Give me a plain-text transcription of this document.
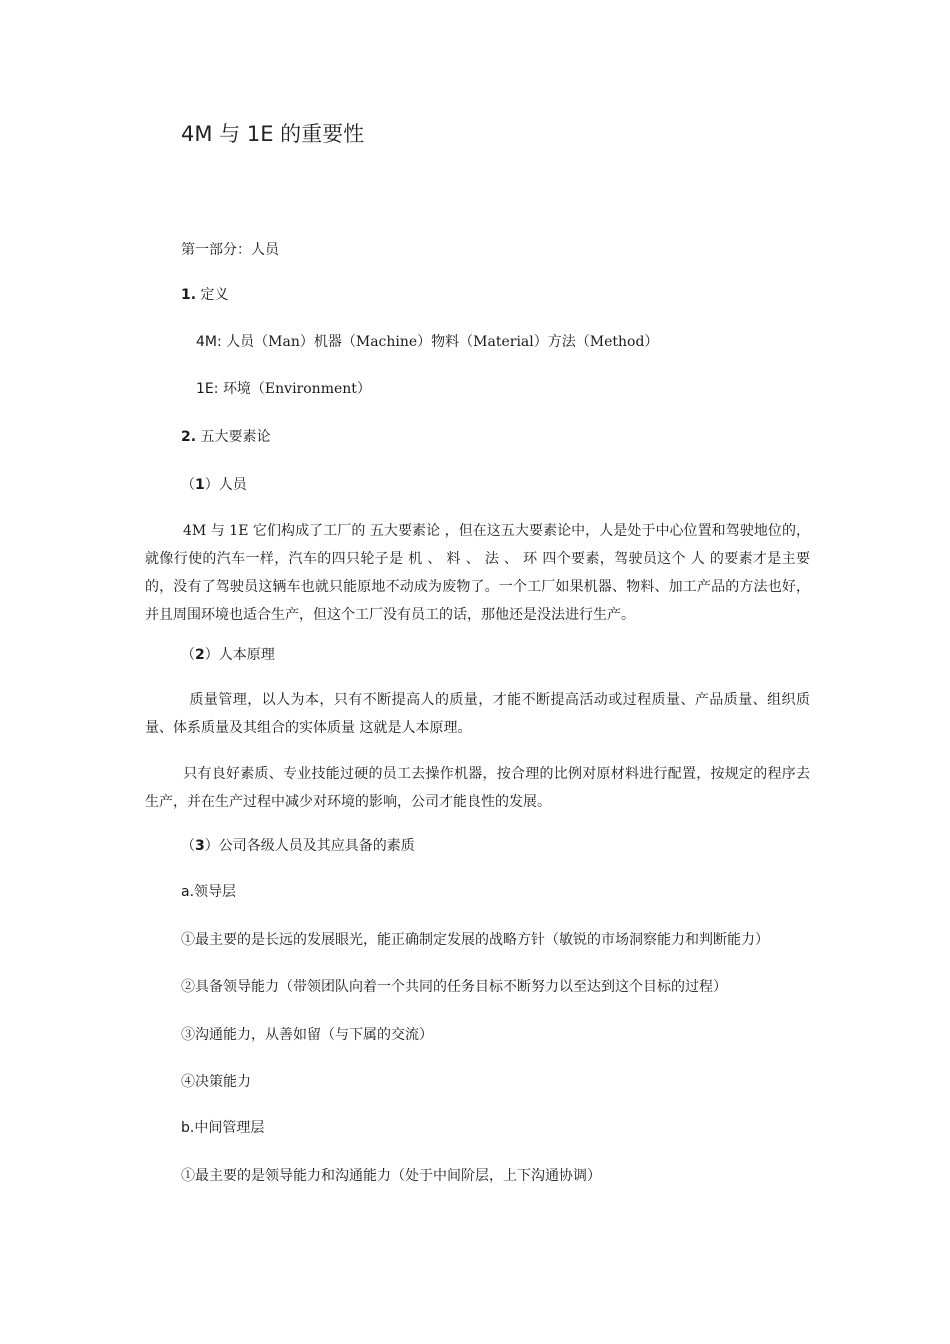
4M 与 1E 的重要性
第一部分：人员
1. 定义
4M: 人员（Man）机器（Machine）物料（Material）方法（Method）
1E: 环境（Environment）
2. 五大要素论
（1）人员
4M 与 1E 它们构成了工厂的 五大要素论 ，但在这五大要素论中，人是处于中心位置和驾驶地位的，就像行使的汽车一样，汽车的四只轮子是 机 、 料 、 法 、 环 四个要素，驾驶员这个 人 的要素才是主要的，没有了驾驶员这辆车也就只能原地不动成为废物了。一个工厂如果机器、物料、加工产品的方法也好，并且周围环境也适合生产，但这个工厂没有员工的话，那他还是没法进行生产。
（2）人本原理
质量管理，以人为本，只有不断提高人的质量，才能不断提高活动或过程质量、产品质量、组织质量、体系质量及其组合的实体质量 这就是人本原理。
只有良好素质、专业技能过硬的员工去操作机器，按合理的比例对原材料进行配置，按规定的程序去生产，并在生产过程中减少对环境的影响，公司才能良性的发展。
（3）公司各级人员及其应具备的素质
a.领导层
①最主要的是长远的发展眼光，能正确制定发展的战略方针（敏锐的市场洞察能力和判断能力）
②具备领导能力（带领团队向着一个共同的任务目标不断努力以至达到这个目标的过程）
③沟通能力，从善如留（与下属的交流）
④决策能力
b.中间管理层
①最主要的是领导能力和沟通能力（处于中间阶层，上下沟通协调）
